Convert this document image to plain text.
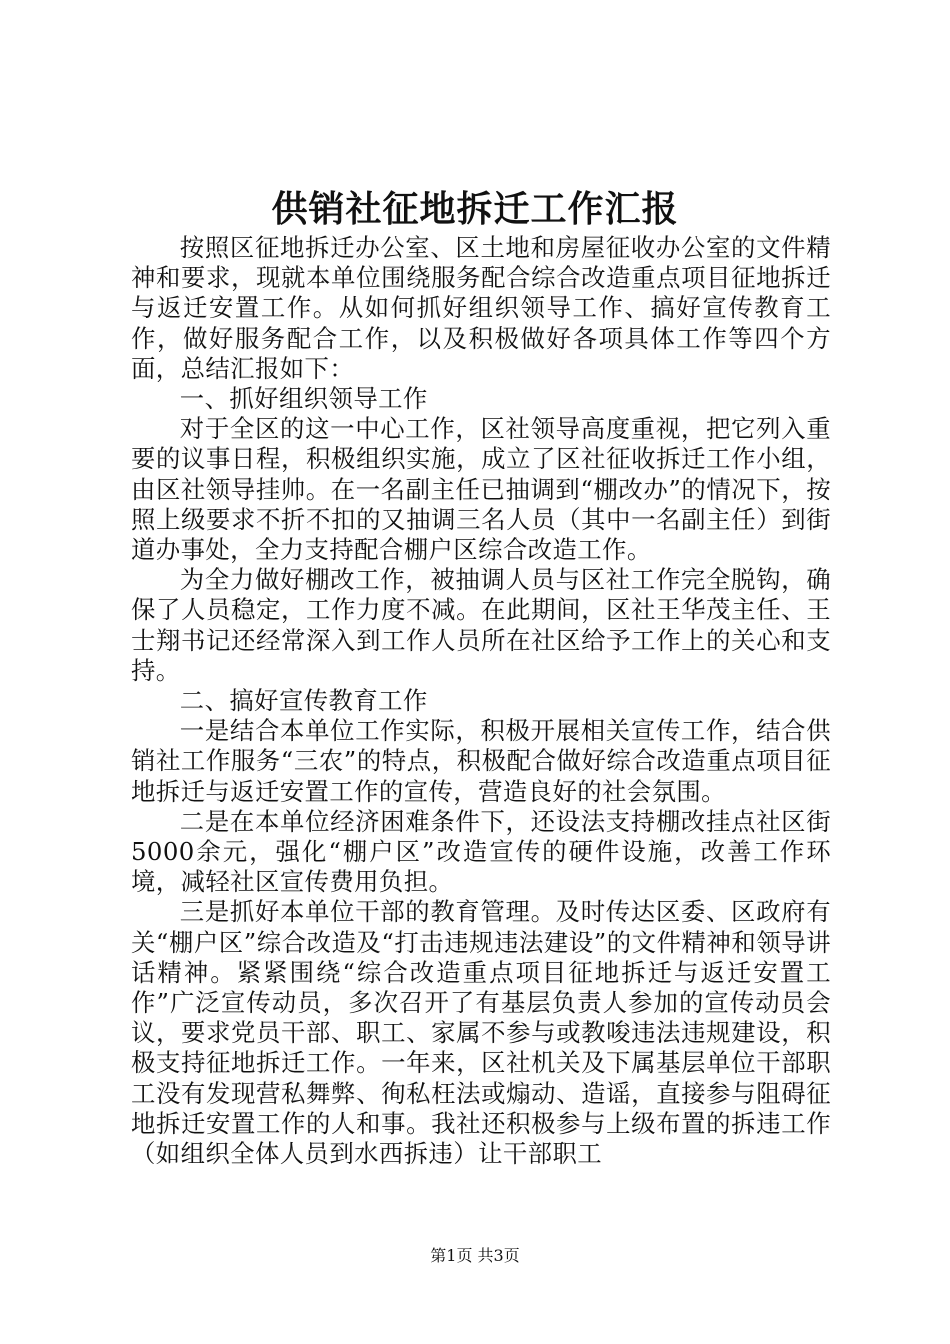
供销社征地拆迁工作汇报

按照区征地拆迁办公室、区土地和房屋征收办公室的文件精神和要求，现就本单位围绕服务配合综合改造重点项目征地拆迁与返迁安置工作。从如何抓好组织领导工作、搞好宣传教育工作，做好服务配合工作，以及积极做好各项具体工作等四个方面，总结汇报如下：

一、抓好组织领导工作

对于全区的这一中心工作，区社领导高度重视，把它列入重要的议事日程，积极组织实施，成立了区社征收拆迁工作小组，由区社领导挂帅。在一名副主任已抽调到“棚改办”的情况下，按照上级要求不折不扣的又抽调三名人员（其中一名副主任）到街道办事处，全力支持配合棚户区综合改造工作。

为全力做好棚改工作，被抽调人员与区社工作完全脱钩，确保了人员稳定，工作力度不减。在此期间，区社王华茂主任、王士翔书记还经常深入到工作人员所在社区给予工作上的关心和支持。

二、搞好宣传教育工作

一是结合本单位工作实际，积极开展相关宣传工作，结合供销社工作服务“三农”的特点，积极配合做好综合改造重点项目征地拆迁与返迁安置工作的宣传，营造良好的社会氛围。

二是在本单位经济困难条件下，还设法支持棚改挂点社区街5000余元，强化“棚户区”改造宣传的硬件设施，改善工作环境，减轻社区宣传费用负担。

三是抓好本单位干部的教育管理。及时传达区委、区政府有关“棚户区”综合改造及“打击违规违法建设”的文件精神和领导讲话精神。紧紧围绕“综合改造重点项目征地拆迁与返迁安置工作”广泛宣传动员，多次召开了有基层负责人参加的宣传动员会议，要求党员干部、职工、家属不参与或教唆违法违规建设，积极支持征地拆迁工作。一年来，区社机关及下属基层单位干部职工没有发现营私舞弊、徇私枉法或煽动、造谣，直接参与阻碍征地拆迁安置工作的人和事。我社还积极参与上级布置的拆违工作（如组织全体人员到水西拆违）让干部职工

第1页 共3页
